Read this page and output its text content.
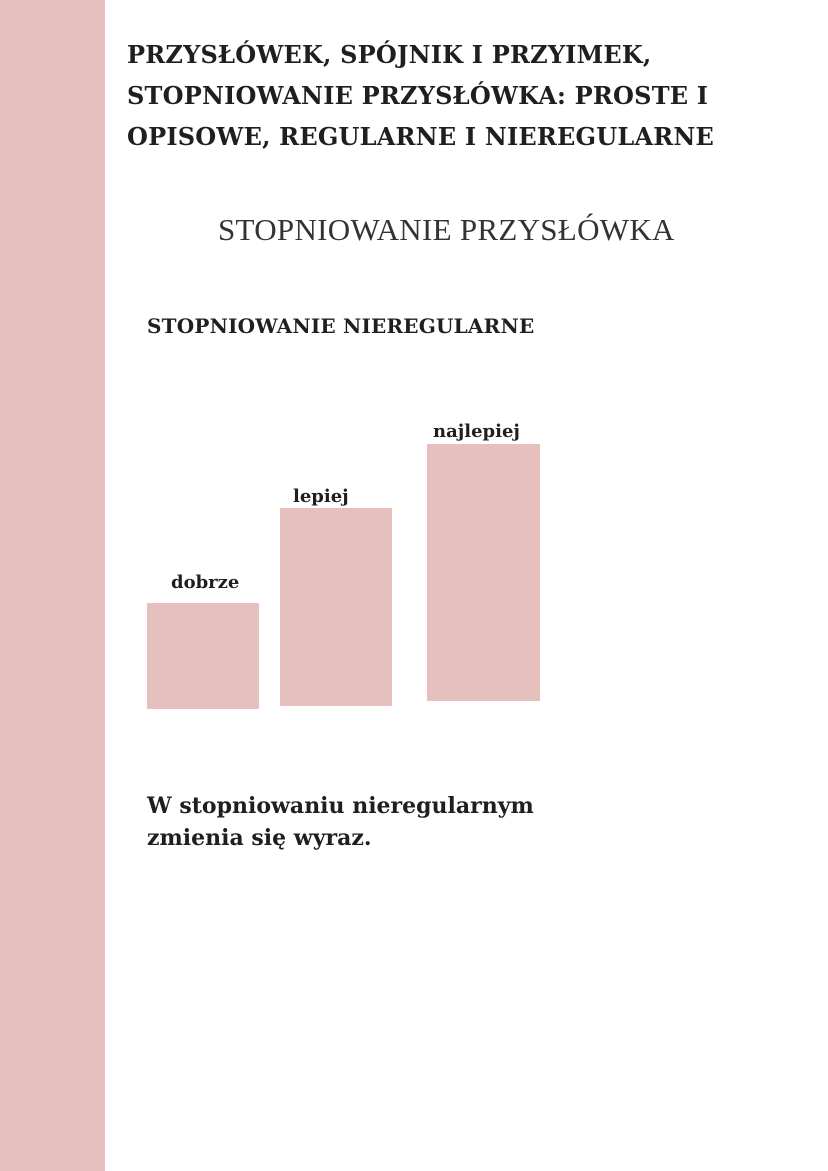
PRZYSŁÓWEK, SPÓJNIK I PRZYIMEK, STOPNIOWANIE PRZYSŁÓWKA: PROSTE I OPISOWE, REGULARNE I NIEREGULARNE
STOPNIOWANIE PRZYSŁÓWKA
STOPNIOWANIE NIEREGULARNE

dobrze

lepiej

najlepiej

W stopniowaniu nieregularnym zmienia się wyraz.
